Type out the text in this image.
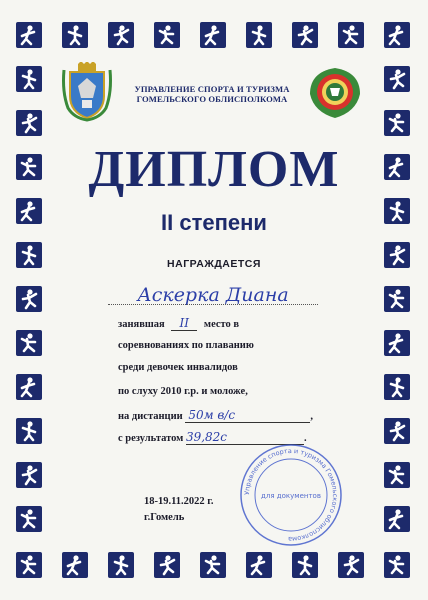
УПРАВЛЕНИЕ СПОРТА И ТУРИЗМА
ГОМЕЛЬСКОГО ОБЛИСПОЛКОМА
ДИПЛОМ
II степени
НАГРАЖДАЕТСЯ
Аскерка Диана
занявшая II место в
соревнованиях по плаванию
среди девочек инвалидов
по слуху 2010 г.р. и моложе,
на дистанции 50м в/с	,
с результатом 39,82с	.
Управление спорта и туризма Гомельского облисполкома
для документов
18-19.11.2022 г.
г.Гомель
